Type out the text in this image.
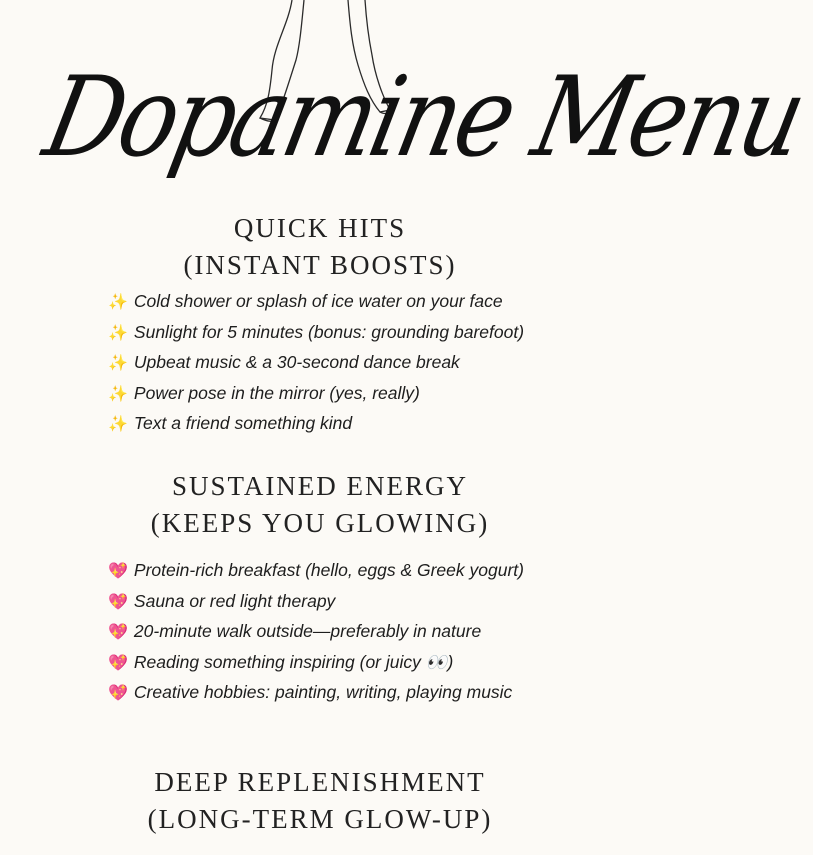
Dopamine Menu
QUICK HITS
(INSTANT BOOSTS)
✨ Cold shower or splash of ice water on your face
✨ Sunlight for 5 minutes (bonus: grounding barefoot)
✨ Upbeat music & a 30-second dance break
✨ Power pose in the mirror (yes, really)
✨ Text a friend something kind
SUSTAINED ENERGY
(KEEPS YOU GLOWING)
💖 Protein-rich breakfast (hello, eggs & Greek yogurt)
💖 Sauna or red light therapy
💖 20-minute walk outside—preferably in nature
💖 Reading something inspiring (or juicy 👀)
💖 Creative hobbies: painting, writing, playing music
DEEP REPLENISHMENT
(LONG-TERM GLOW-UP)
